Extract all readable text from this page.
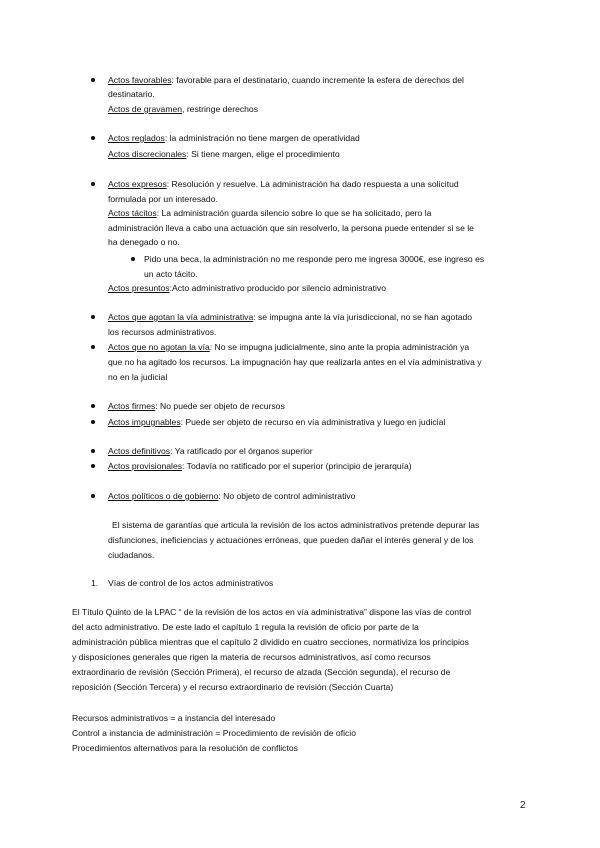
Actos favorables: favorable para el destinatario, cuando incremente la esfera de derechos del
destinatario.
Actos de gravamen, restringe derechos
Actos reglados: la administración no tiene margen de operatividad
Actos discrecionales: Si tiene margen, elige el procedimiento
Actos expresos: Resolución y resuelve. La administración ha dado respuesta a una solicitud
formulada por un interesado.
Actos tácitos: La administración guarda silencio sobre lo que se ha solicitado, pero la
administración lleva a cabo una actuación que sin resolverlo, la persona puede entender si se le
ha denegado o no.
Pido una beca, la administración no me responde pero me ingresa 3000€, ese ingreso es
un acto tácito.
Actos presuntos:Acto administrativo producido por silencio administrativo
Actos que agotan la vía administrativa: se impugna ante la vía jurisdiccional, no se han agotado
los recursos administrativos.
Actos que no agotan la vía: No se impugna judicialmente, sino ante la propia administración ya
que no ha agitado los recursos. La impugnación hay que realizarla antes en el vía administrativa y
no en la judicial
Actos firmes: No puede ser objeto de recursos
Actos impugnables: Puede ser objeto de recurso en vía administrativa y luego en judicial
Actos definitivos: Ya ratificado por el órganos superior
Actos provisionales: Todavía no ratificado por el superior (principio de jerarquía)
Actos políticos o de gobierno: No objeto de control administrativo
El sistema de garantías que articula la revisión de los actos administrativos pretende depurar las
disfunciones, ineficiencias y actuaciones erróneas, que pueden dañar el interés general y de los
ciudadanos.
1. Vías de control de los actos administrativos
El Título Quinto de la LPAC “ de la revisión de los actos en vía administrativa” dispone las vías de control
del acto administrativo. De este lado el capítulo 1 regula la revisión de oficio por parte de la
administración pública mientras que el capítulo 2 dividido en cuatro secciones, normativiza los principios
y disposiciones generales que rigen la materia de recursos administrativos, así como recursos
extraordinario de revisión (Sección Primera), el recurso de alzada (Sección segunda), el recurso de
reposición (Sección Tercera) y el recurso extraordinario de revisión (Sección Cuarta)
Recursos administrativos = a instancia del interesado
Control a instancia de administración = Procedimiento de revisión de oficio
Procedimientos alternativos para la resolución de conflictos
2
